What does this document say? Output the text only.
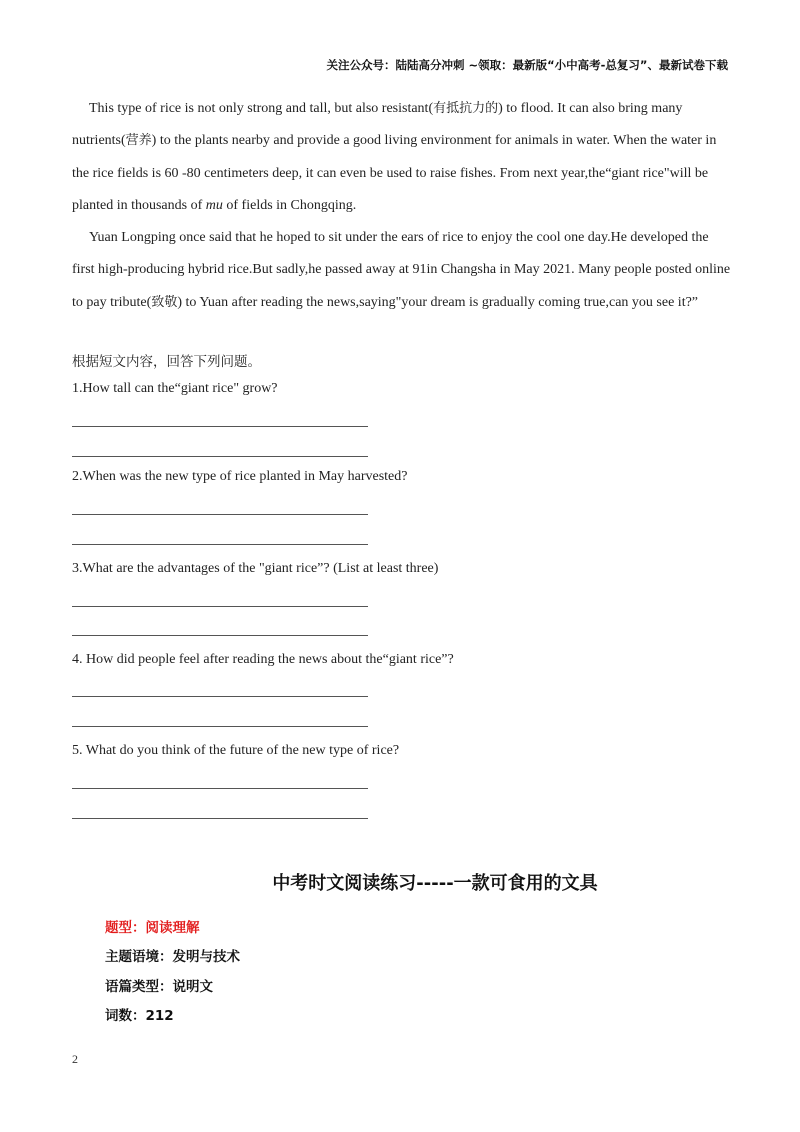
关注公众号：陆陆高分冲刺 ~领取：最新版“小中高考-总复习”、最新试卷下载

This type of rice is not only strong and tall, but also resistant(有抵抗力的) to flood. It can also bring many nutrients(营养) to the plants nearby and provide a good living environment for animals in water. When the water in the rice fields is 60 -80 centimeters deep, it can even be used to raise fishes. From next year,the“giant rice"will be planted in thousands of mu of fields in Chongqing.

Yuan Longping once said that he hoped to sit under the ears of rice to enjoy the cool one day.He developed the first high-producing hybrid rice.But sadly,he passed away at 91in Changsha in May 2021. Many people posted online to pay tribute(致敬) to Yuan after reading the news,saying"your dream is gradually coming true,can you see it?”

根据短文内容，回答下列问题。
1.How tall can the“giant rice" grow?
2.When was the new type of rice planted in May harvested?
3.What are the advantages of the "giant rice”? (List at least three)
4. How did people feel after reading the news about the“giant rice”?
5. What do you think of the future of the new type of rice?
中考时文阅读练习-----一款可食用的文具
题型：阅读理解
主题语境：发明与技术
语篇类型：说明文
词数：212
2
